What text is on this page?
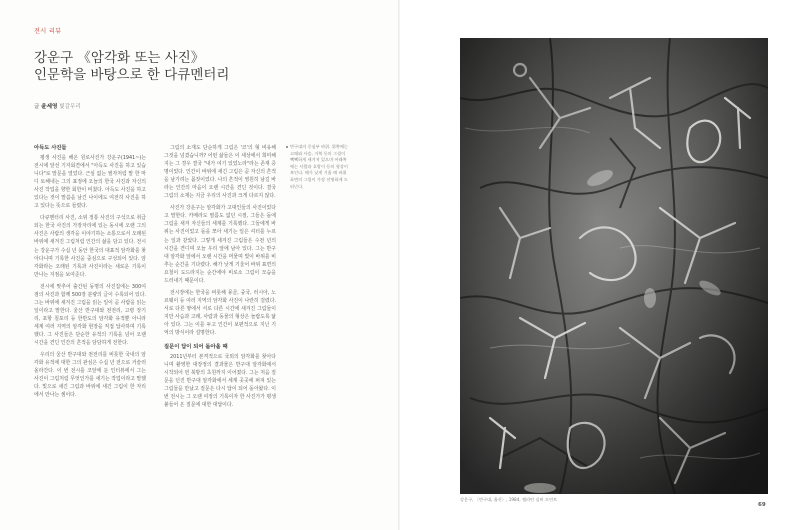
전시 리뷰
강운구 《암각화 또는 사진》
인문학을 바탕으로 한 다큐멘터리
글 윤세영 빛갈무리
아득도 사진들

평생 사진을 해온 원로사진가 강운구(1941~)는 전시에 앞선 기자회견에서 "아득도 사진을 하고 있습니다"로 말문을 열었다. 근심 없는 필자처럼 말 한 마디 토해내는 그의 표정에 오늘의 한국 사진과 자신의 사진 작업을 향한 회한이 비쳤다. 아득도 사진을 하고 있다는 것이 말씀을 남긴 나이에도 여전히 사진을 하고 있다는 뜻으로 들렸다.

다큐멘터리 사진, 소위 정통 사진의 구석으로 취급되는 한국 사진의 가장자리에 있는 동시에 오랜 그의 사진은 사람의 생각을 이야기하는 소통으로서 오래된 바위에 새겨진 그림처럼 인간의 삶을 담고 있다. 전시는 강운구가 수십 년 동안 한국의 대표적 암각화를 찾아다니며 기록한 사진을 중심으로 구성되어 있다. 암각화라는 오래된 기록과 사진이라는 새로운 기록이 만나는 지점을 보여준다.

전시에 맞추어 출간된 동명의 사진집에는 300여 점의 사진과 함께 500장 분량의 글이 수록되어 있다. 그는 바위에 새겨진 그림을 읽는 일이 곧 사람을 읽는 일이라고 말한다. 울산 반구대와 천전리, 고령 장기리, 포항 칠포리 등 한반도의 암각화 유적뿐 아니라 세계 여러 지역의 암각화 현장을 직접 답사하며 기록했다. 그 사진들은 단순한 유적의 기록을 넘어 오랜 시간을 견딘 인간의 흔적을 담담하게 전한다.

우리의 울산 반구대와 천전리를 비롯한 국내의 암각화 유적에 대한 그의 관심은 수십 년 전으로 거슬러 올라간다. 이 번 전시를 코앞에 둔 인터뷰에서 그는 사진이 그림처럼 무엇인가를 새기는 작업이라고 말했다. 빛으로 새긴 그림과 바위에 새긴 그림이 한 자리에서 만나는 셈이다.

그림의 소재도 단순하게 그림은 '코'의 형 비유해 그것을 넘겼습니까? 어떤 삶들은 이 세상에서 희미해지는 그 경우 결국 "내가 여기 있었노라"라는 존재 증명이었다. 인간이 바위에 새긴 그림은 곧 자신의 흔적을 남기려는 몸짓이었다. 나의 흔적이 영원히 남길 바라는 인간의 마음이 오랜 시간을 견딘 것이다. 결국 그림의 소재는 지금 우리의 사진과 크게 다르지 않다.

사진가 강운구는 암각화가 고대인들의 사진이었다고 말한다. 카메라도 필름도 없던 시절, 그들은 돌에 그림을 새겨 자신들의 세계를 기록했다. 그들에게 바위는 사진이었고 돌을 쪼아 새기는 일은 셔터를 누르는 일과 같았다. 그렇게 새겨진 그림들은 수천 년의 시간을 견디며 오늘 우리 앞에 남아 있다. 그는 반구대 암각화 앞에서 오랜 시간을 머물며 빛이 바위를 비추는 순간을 기다렸다. 해가 낮게 기울어 바위 표면의 요철이 도드라지는 순간에야 비로소 그림이 모습을 드러내기 때문이다.

전시장에는 한국을 비롯해 몽골, 중국, 러시아, 노르웨이 등 여러 지역의 암각화 사진이 나란히 걸렸다. 서로 다른 땅에서 서로 다른 시간에 새겨진 그림들이지만 사슴과 고래, 사람과 동물의 형상은 놀랍도록 닮아 있다. 그는 이를 두고 인간이 보편적으로 지닌 기억의 방식이라 설명한다.

질문이 답이 되어 돌아올 때

2011년부터 본격적으로 국외의 암각화를 찾아다니며 촬영한 대장정의 결과물은 반구대 암각화에서 시작되어 먼 북방의 초원까지 이어졌다. 그는 처음 질문을 던진 반구대 암각화에서 세계 곳곳에 퍼져 있는 그림들을 만났고 질문은 다시 답이 되어 돌아왔다. 이번 전시는 그 오랜 여정의 기록이자 한 사진가가 평생 붙들어 온 질문에 대한 대답이다.

반구대의 중심부 바위. 위쪽에는 고래와 사슴, 거북 등의 그림이 빽빽하게 새겨져 있으며 아래쪽에는 사람과 호랑이 등의 형상이 보인다. 해가 낮게 기울 때 바위 표면의 그림이 가장 선명하게 드러난다.
강운구, 〈반구대, 울산〉, 1984, 젤라틴 실버 프린트
69
